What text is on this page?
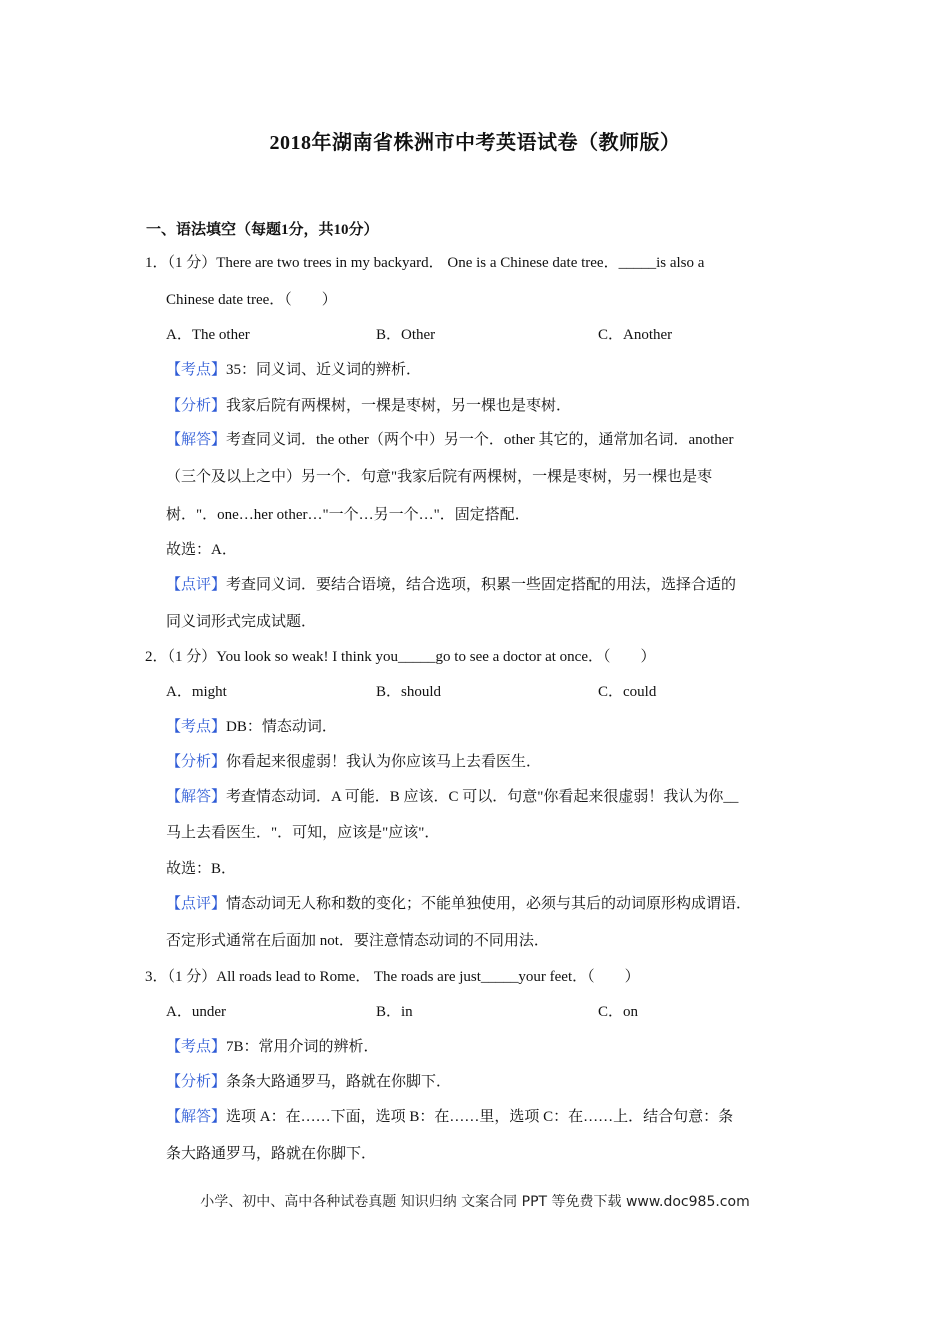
2018年湖南省株洲市中考英语试卷（教师版）
一、语法填空（每题1分，共10分）
1．（1 分）There are two trees in my backyard． One is a Chinese date tree．_____is also a
Chinese date tree．（　　）
A．The other	B．Other	C．Another
【考点】35：同义词、近义词的辨析．
【分析】我家后院有两棵树，一棵是枣树，另一棵也是枣树．
【解答】考查同义词．the other（两个中）另一个．other 其它的，通常加名词．another
（三个及以上之中）另一个．句意"我家后院有两棵树，一棵是枣树，另一棵也是枣
树．"．one…her other…"一个…另一个…"．固定搭配．
故选：A．
【点评】考查同义词．要结合语境，结合选项，积累一些固定搭配的用法，选择合适的
同义词形式完成试题．
2．（1 分）You look so weak! I think you_____go to see a doctor at once．（　　）
A．might	B．should	C．could
【考点】DB：情态动词．
【分析】你看起来很虚弱！我认为你应该马上去看医生．
【解答】考查情态动词．A 可能．B 应该．C 可以．句意"你看起来很虚弱！我认为你__
马上去看医生．"．可知，应该是"应该"．
故选：B．
【点评】情态动词无人称和数的变化；不能单独使用，必须与其后的动词原形构成谓语．
否定形式通常在后面加 not．要注意情态动词的不同用法．
3．（1 分）All roads lead to Rome． The roads are just_____your feet．（　　）
A．under	B．in	C．on
【考点】7B：常用介词的辨析．
【分析】条条大路通罗马，路就在你脚下．
【解答】选项 A：在……下面，选项 B：在……里，选项 C：在……上．结合句意：条
条大路通罗马，路就在你脚下．
小学、初中、高中各种试卷真题 知识归纳 文案合同 PPT 等免费下载 www.doc985.com
